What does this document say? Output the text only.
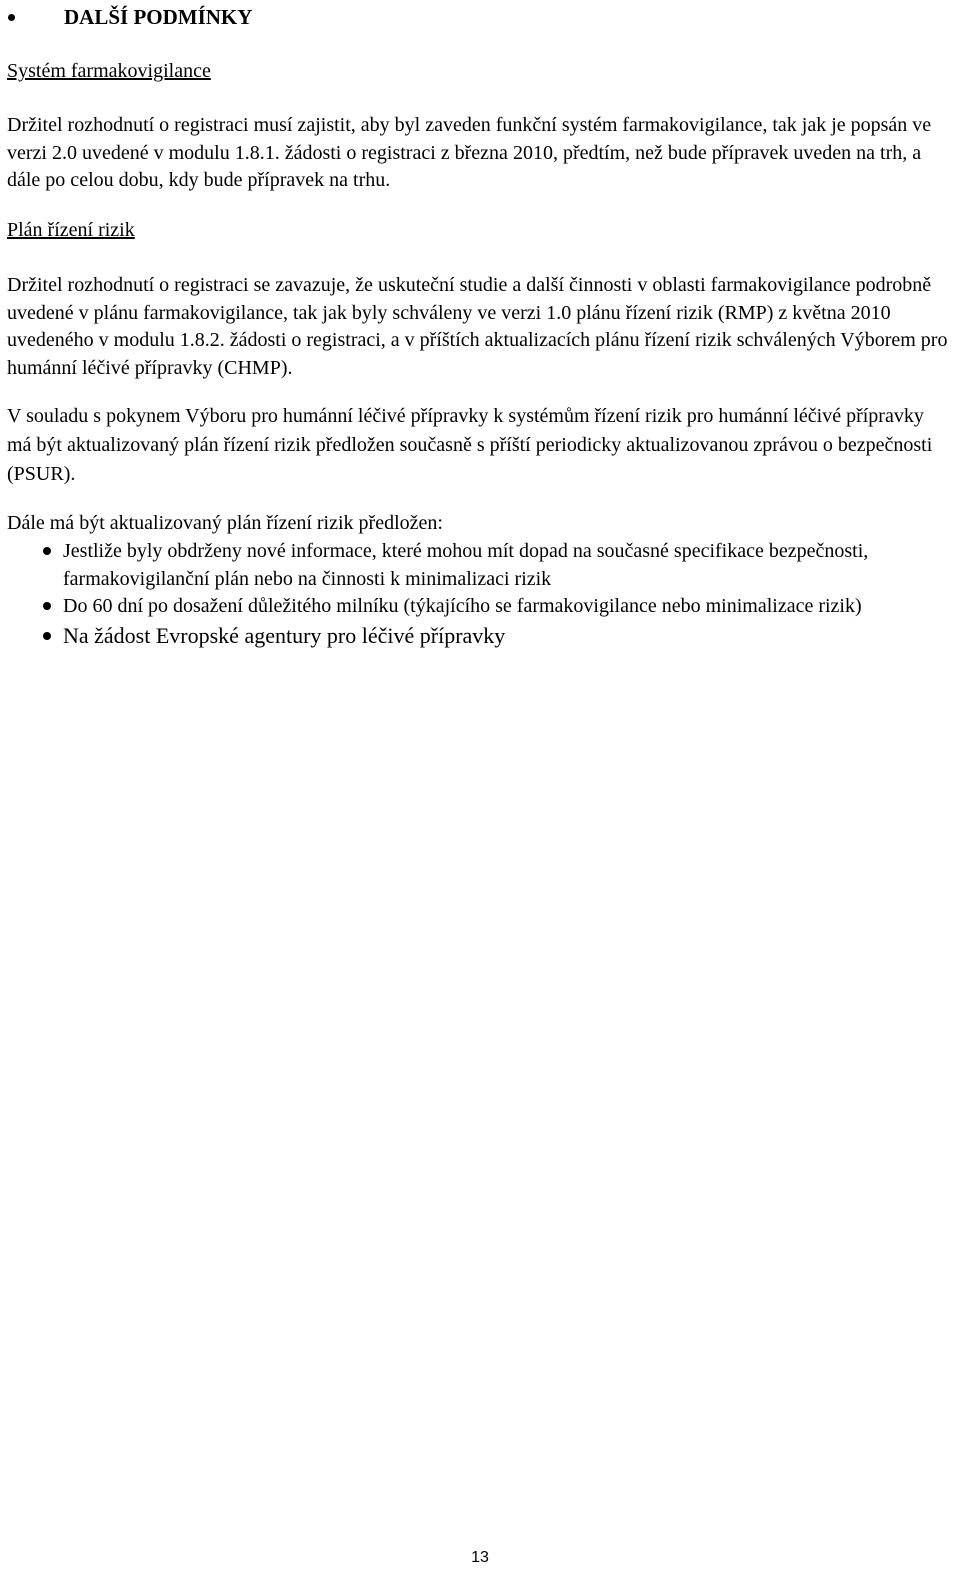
DALŠÍ PODMÍNKY
Systém farmakovigilance

Držitel rozhodnutí o registraci musí zajistit, aby byl zaveden funkční systém farmakovigilance, tak jak je popsán ve verzi 2.0 uvedené v modulu 1.8.1. žádosti o registraci z března 2010, předtím, než bude přípravek uveden na trh, a dále po celou dobu, kdy bude přípravek na trhu.

Plán řízení rizik

Držitel rozhodnutí o registraci se zavazuje, že uskuteční studie a další činnosti v oblasti farmakovigilance podrobně uvedené v plánu farmakovigilance, tak jak byly schváleny ve verzi 1.0 plánu řízení rizik (RMP) z května 2010 uvedeného v modulu 1.8.2. žádosti o registraci, a v příštích aktualizacích plánu řízení rizik schválených Výborem pro humánní léčivé přípravky (CHMP).

V souladu s pokynem Výboru pro humánní léčivé přípravky k systémům řízení rizik pro humánní léčivé přípravky má být aktualizovaný plán řízení rizik předložen současně s příští periodicky aktualizovanou zprávou o bezpečnosti (PSUR).

Dále má být aktualizovaný plán řízení rizik předložen:

Jestliže byly obdrženy nové informace, které mohou mít dopad na současné specifikace bezpečnosti, farmakovigilanční plán nebo na činnosti k minimalizaci rizik
Do 60 dní po dosažení důležitého milníku (týkajícího se farmakovigilance nebo minimalizace rizik)
Na žádost Evropské agentury pro léčivé přípravky
13
